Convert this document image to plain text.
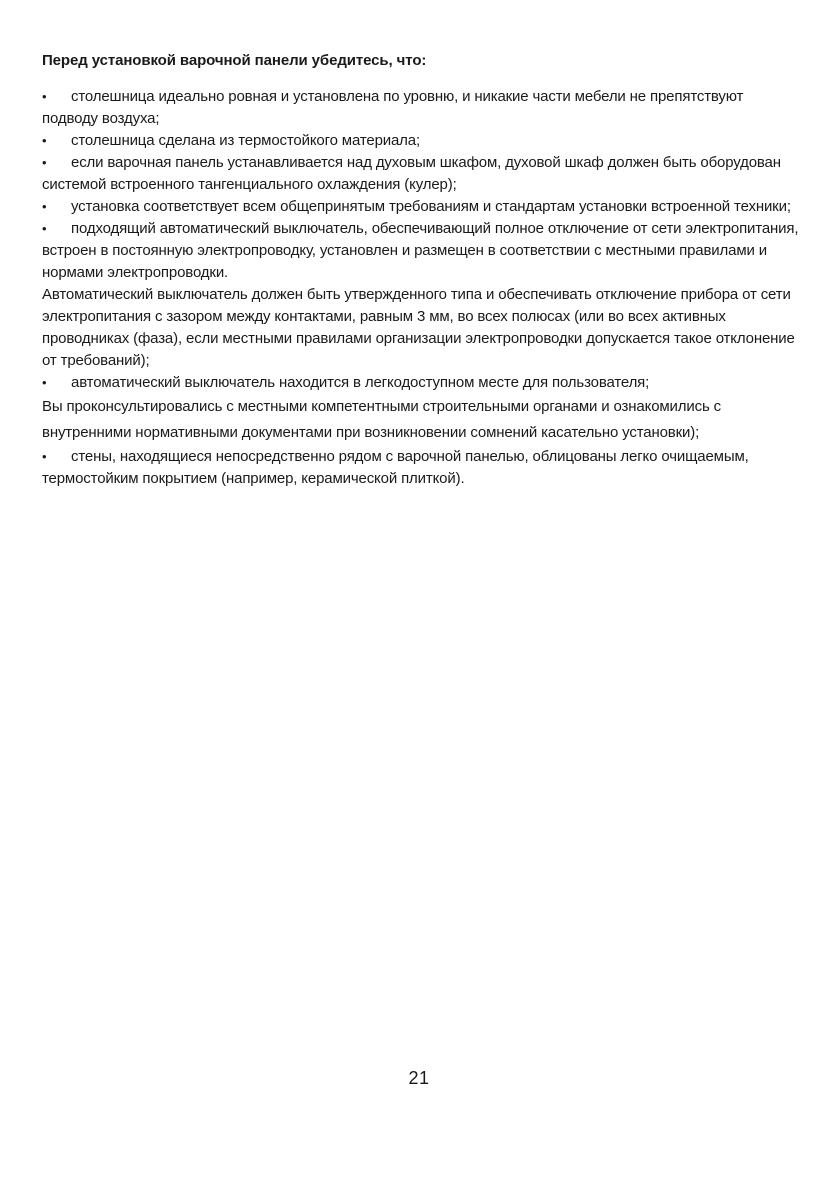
Перед установкой варочной панели убедитесь, что:

• столешница идеально ровная и установлена по уровню, и никакие части мебели не препятствуют подводу воздуха;

• столешница сделана из термостойкого материала;

• если варочная панель устанавливается над духовым шкафом, духовой шкаф должен быть оборудован системой встроенного тангенциального охлаждения (кулер);

• установка соответствует всем общепринятым требованиям и стандартам установки встроенной техники;

• подходящий автоматический выключатель, обеспечивающий полное отключение от сети электропитания, встроен в постоянную электропроводку, установлен и размещен в соответствии с местными правилами и нормами электропроводки.

Автоматический выключатель должен быть утвержденного типа и обеспечивать отключение прибора от сети электропитания с зазором между контактами, равным 3 мм, во всех полюсах (или во всех активных проводниках (фаза), если местными правилами организации электропроводки допускается такое отклонение от требований);

• автоматический выключатель находится в легкодоступном месте для пользователя;

Вы проконсультировались с местными компетентными строительными органами и ознакомились с внутренними нормативными документами при возникновении сомнений касательно установки);

• стены, находящиеся непосредственно рядом с варочной панелью, облицованы легко очищаемым, термостойким покрытием (например, керамической плиткой).

21
